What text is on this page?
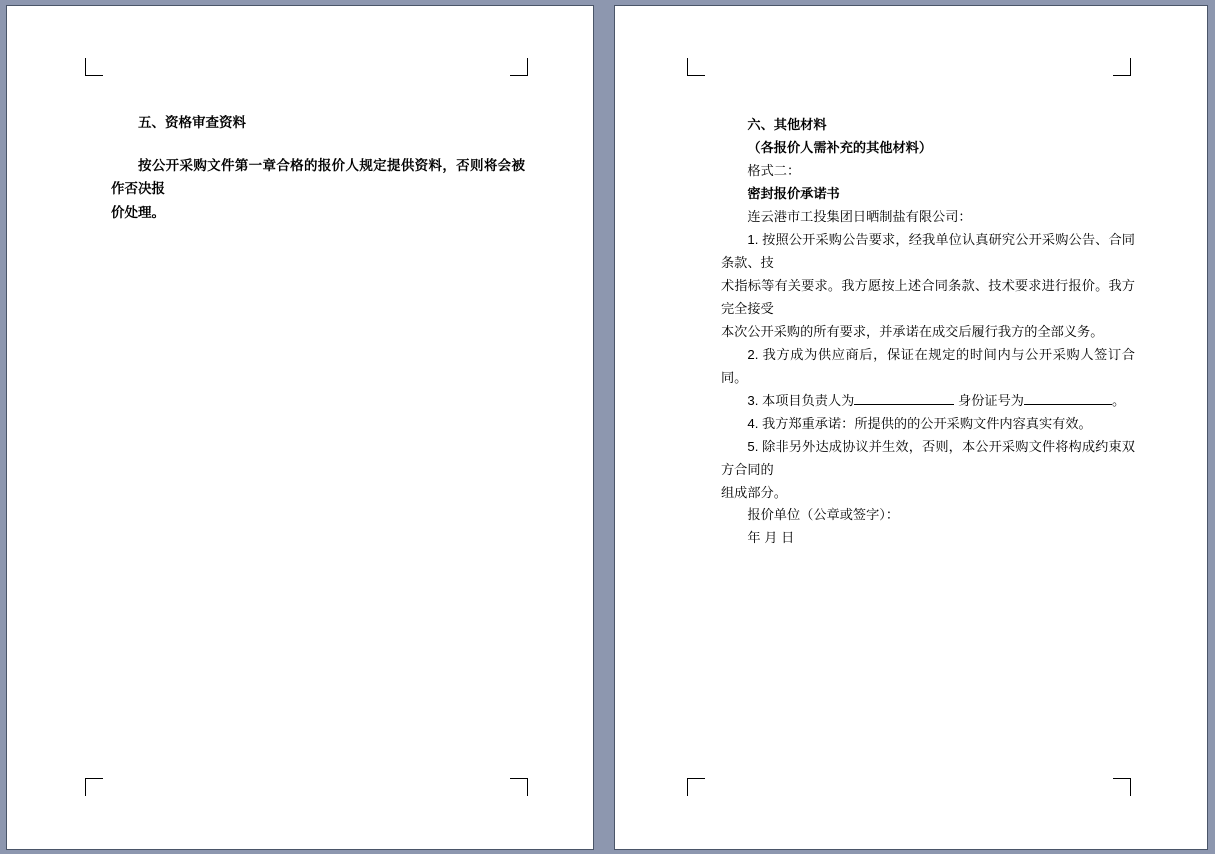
五、资格审查资料

按公开采购文件第一章合格的报价人规定提供资料，否则将会被作否决报

价处理。

六、其他材料

（各报价人需补充的其他材料）

格式二：

密封报价承诺书

连云港市工投集团日晒制盐有限公司：

1. 按照公开采购公告要求，经我单位认真研究公开采购公告、合同条款、技

术指标等有关要求。我方愿按上述合同条款、技术要求进行报价。我方完全接受

本次公开采购的所有要求，并承诺在成交后履行我方的全部义务。

2. 我方成为供应商后，保证在规定的时间内与公开采购人签订合同。

3. 本项目负责人为	身份证号为	。

4. 我方郑重承诺：所提供的的公开采购文件内容真实有效。

5. 除非另外达成协议并生效，否则，本公开采购文件将构成约束双方合同的

组成部分。

报价单位（公章或签字）：

年 月 日
